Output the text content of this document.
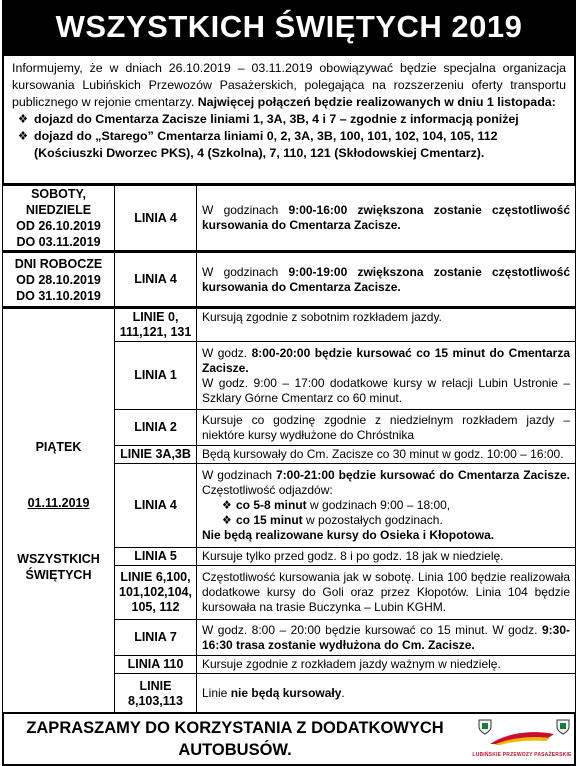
WSZYSTKICH ŚWIĘTYCH 2019

Informujemy, że w dniach 26.10.2019 – 03.11.2019 obowiązywać będzie specjalna organizacja kursowania Lubińskich Przewozów Pasażerskich, polegająca na rozszerzeniu oferty transportu publicznego w rejonie cmentarzy. Najwięcej połączeń będzie realizowanych w dniu 1 listopada:

❖ dojazd do Cmentarza Zacisze liniami 1, 3A, 3B, 4 i 7 – zgodnie z informacją poniżej
❖ dojazd do „Starego” Cmentarza liniami 0, 2, 3A, 3B, 100, 101, 102, 104, 105, 112 (Kościuszki Dworzec PKS), 4 (Szkolna), 7, 110, 121 (Skłodowskiej Cmentarz).
SOBOTY,
NIEDZIELE
OD 26.10.2019
DO 03.11.2019	LINIA 4	W godzinach 9:00-16:00 zwiększona zostanie częstotliwość kursowania do Cmentarza Zacisze.

DNI ROBOCZE
OD 28.10.2019
DO 31.10.2019	LINIA 4	W godzinach 9:00-19:00 zwiększona zostanie częstotliwość kursowania do Cmentarza Zacisze.

PIĄTEK
01.11.2019
WSZYSTKICH
ŚWIĘTYCH	LINIE 0, 111,121, 131	Kursują zgodnie z sobotnim rozkładem jazdy.
	LINIA 1	W godz. 8:00-20:00 będzie kursować co 15 minut do Cmentarza Zacisze.
W godz. 9:00 – 17:00 dodatkowe kursy w relacji Lubin Ustronie – Szklary Górne Cmentarz co 60 minut.

	LINIA 2	Kursuje co godzinę zgodnie z niedzielnym rozkładem jazdy – niektóre kursy wydłużone do Chróstnika
	LINIE 3A,3B	Będą kursowały do Cm. Zacisze co 30 minut w godz. 10:00 – 16:00.
	LINIA 4	W godzinach 7:00-21:00 będzie kursować do Cmentarza Zacisze. Częstotliwość odjazdów:
❖ co 5-8 minut w godzinach 9:00 – 18:00,
❖ co 15 minut w pozostałych godzinach.
Nie będą realizowane kursy do Osieka i Kłopotowa.

	LINIA 5	Kursuje tylko przed godz. 8 i po godz. 18 jak w niedzielę.
	LINIE 6,100, 101,102,104, 105, 112	Częstotliwość kursowania jak w sobotę. Linia 100 będzie realizowała dodatkowe kursy do Goli oraz przez Kłopotów. Linia 104 będzie kursowała na trasie Buczynka – Lubin KGHM.
	LINIA 7	W godz. 8:00 – 20:00 będzie kursować co 15 minut. W godz. 9:30-16:30 trasa zostanie wydłużona do Cm. Zacisze.
	LINIA 110	Kursuje zgodnie z rozkładem jazdy ważnym w niedzielę.
	LINIE 8,103,113	Linie nie będą kursowały.
ZAPRASZAMY DO KORZYSTANIA Z DODATKOWYCH
AUTOBUSÓW.	LUBIŃSKIE PRZEWOZY PASAŻERSKIE
